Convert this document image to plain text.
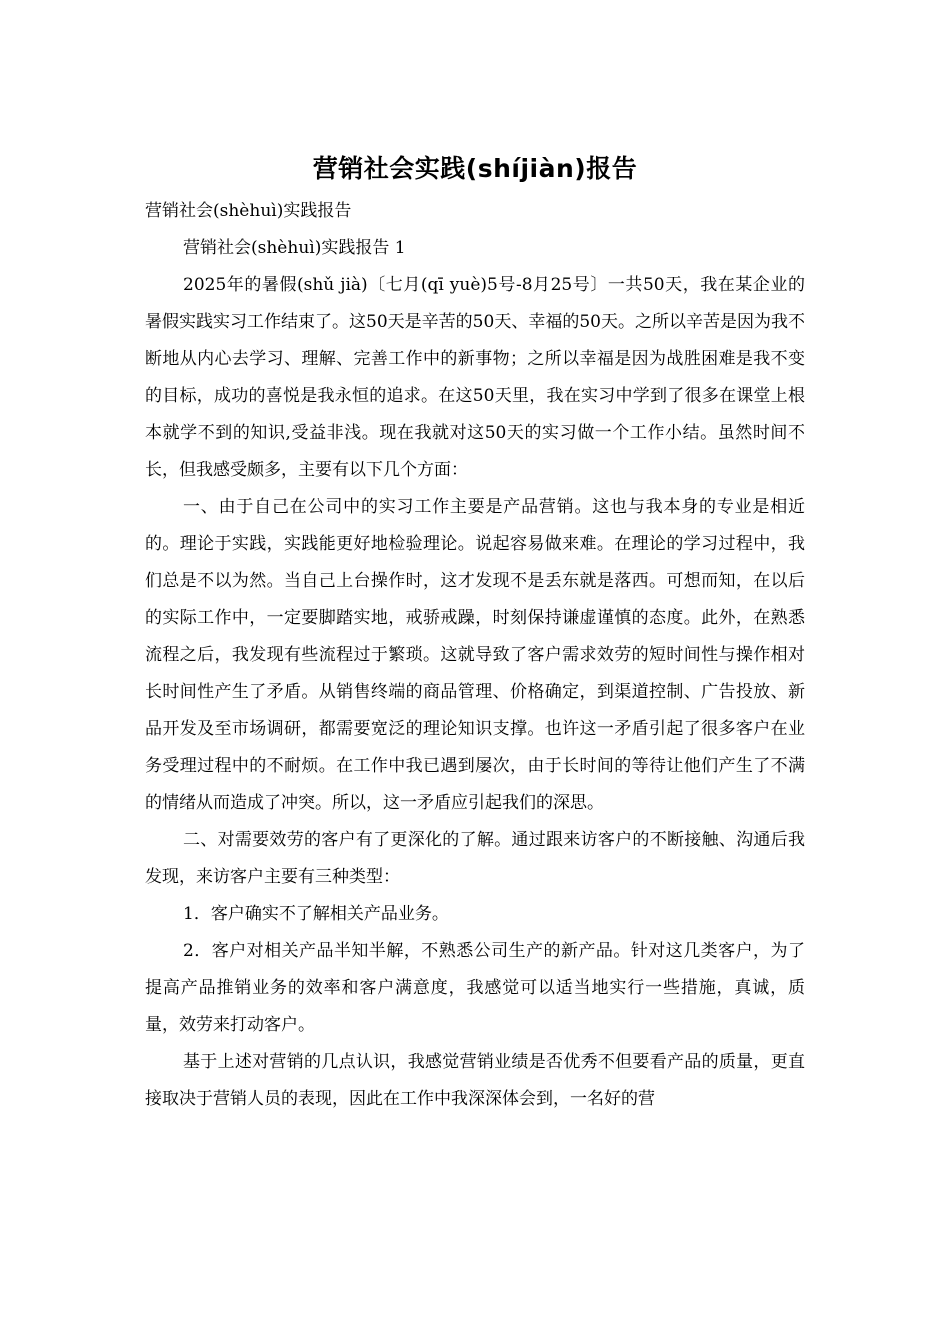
营销社会实践(shíjiàn)报告

营销社会(shèhuì)实践报告

营销社会(shèhuì)实践报告 1

2025年的暑假(shǔ jià)〔七月(qī yuè)5号-8月25号〕一共50天，我在某企业的暑假实践实习工作结束了。这50天是辛苦的50天、幸福的50天。之所以辛苦是因为我不断地从内心去学习、理解、完善工作中的新事物；之所以幸福是因为战胜困难是我不变的目标，成功的喜悦是我永恒的追求。在这50天里，我在实习中学到了很多在课堂上根本就学不到的知识,受益非浅。现在我就对这50天的实习做一个工作小结。虽然时间不长，但我感受颇多，主要有以下几个方面：

一、由于自己在公司中的实习工作主要是产品营销。这也与我本身的专业是相近的。理论于实践，实践能更好地检验理论。说起容易做来难。在理论的学习过程中，我们总是不以为然。当自己上台操作时，这才发现不是丢东就是落西。可想而知，在以后的实际工作中，一定要脚踏实地，戒骄戒躁，时刻保持谦虚谨慎的态度。此外，在熟悉流程之后，我发现有些流程过于繁琐。这就导致了客户需求效劳的短时间性与操作相对长时间性产生了矛盾。从销售终端的商品管理、价格确定，到渠道控制、广告投放、新品开发及至市场调研，都需要宽泛的理论知识支撑。也许这一矛盾引起了很多客户在业务受理过程中的不耐烦。在工作中我已遇到屡次，由于长时间的等待让他们产生了不满的情绪从而造成了冲突。所以，这一矛盾应引起我们的深思。

二、对需要效劳的客户有了更深化的了解。通过跟来访客户的不断接触、沟通后我发现，来访客户主要有三种类型：

1．客户确实不了解相关产品业务。

2．客户对相关产品半知半解，不熟悉公司生产的新产品。针对这几类客户，为了提高产品推销业务的效率和客户满意度，我感觉可以适当地实行一些措施，真诚，质量，效劳来打动客户。

基于上述对营销的几点认识，我感觉营销业绩是否优秀不但要看产品的质量，更直接取决于营销人员的表现，因此在工作中我深深体会到，一名好的营
